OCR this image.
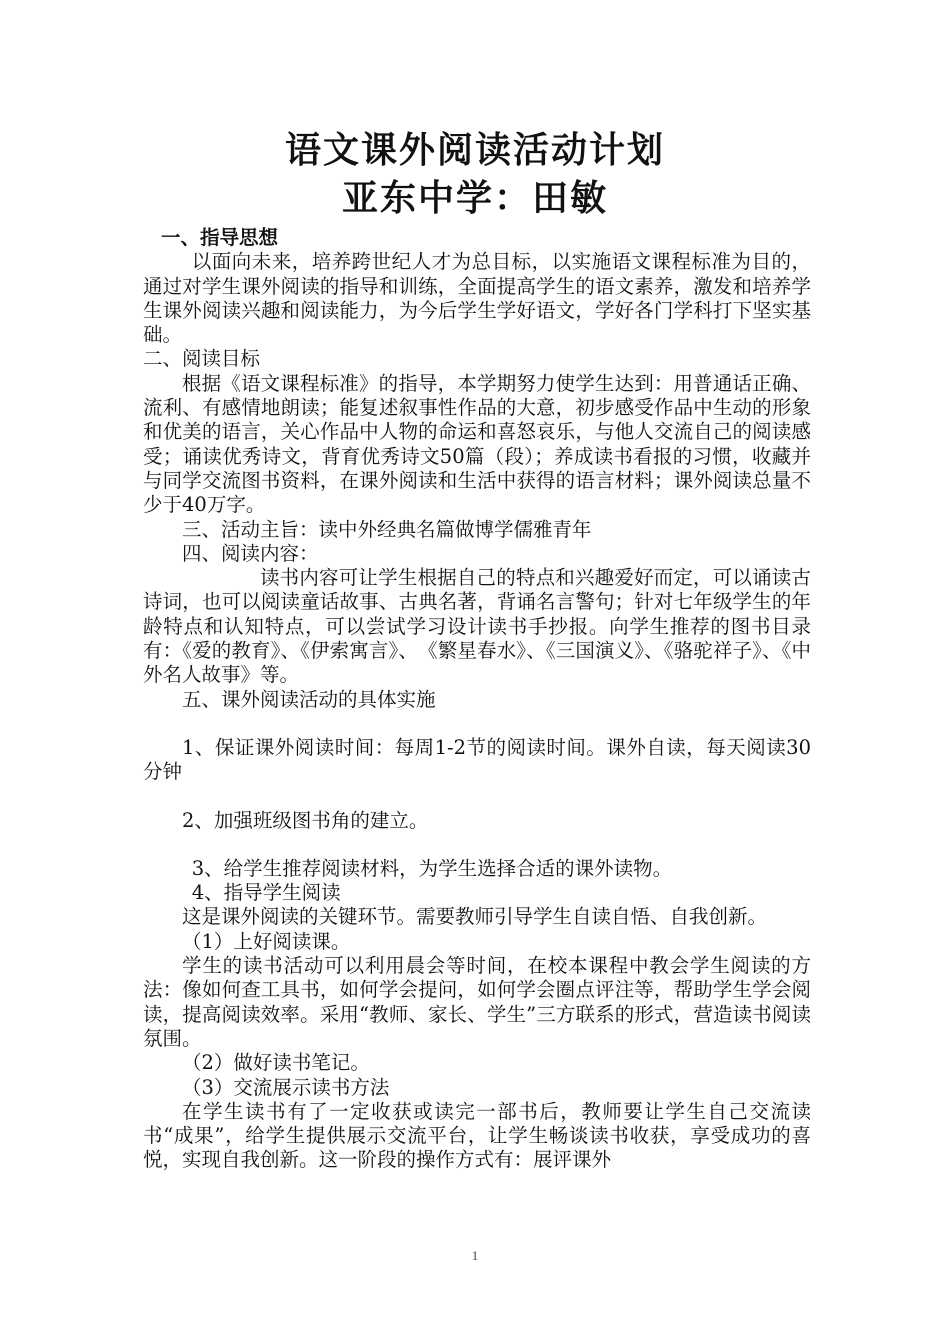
语文课外阅读活动计划
亚东中学：田敏

一、指导思想

以面向未来，培养跨世纪人才为总目标，以实施语文课程标准为目的，通过对学生课外阅读的指导和训练，全面提高学生的语文素养，激发和培养学生课外阅读兴趣和阅读能力，为今后学生学好语文，学好各门学科打下坚实基础。

二、阅读目标

根据《语文课程标准》的指导，本学期努力使学生达到：用普通话正确、流利、有感情地朗读；能复述叙事性作品的大意，初步感受作品中生动的形象和优美的语言，关心作品中人物的命运和喜怒哀乐，与他人交流自己的阅读感受；诵读优秀诗文，背育优秀诗文50篇（段）；养成读书看报的习惯，收藏并与同学交流图书资料，在课外阅读和生活中获得的语言材料；课外阅读总量不少于40万字。

三、活动主旨：读中外经典名篇做博学儒雅青年

四、阅读内容：

读书内容可让学生根据自己的特点和兴趣爱好而定，可以诵读古诗词，也可以阅读童话故事、古典名著，背诵名言警句；针对七年级学生的年龄特点和认知特点，可以尝试学习设计读书手抄报。向学生推荐的图书目录有：《爱的教育》、《伊索寓言》、　《繁星春水》、《三国演义》、《骆驼祥子》、《中外名人故事》等。

五、课外阅读活动的具体实施

1、保证课外阅读时间：每周1-2节的阅读时间。课外自读，每天阅读30分钟

2、加强班级图书角的建立。

3、给学生推荐阅读材料，为学生选择合适的课外读物。

4、指导学生阅读

这是课外阅读的关键环节。需要教师引导学生自读自悟、自我创新。

（1）上好阅读课。

学生的读书活动可以利用晨会等时间，在校本课程中教会学生阅读的方法：像如何查工具书，如何学会提问，如何学会圈点评注等，帮助学生学会阅读，提高阅读效率。采用“教师、家长、学生”三方联系的形式，营造读书阅读氛围。

（2）做好读书笔记。

（3）交流展示读书方法

在学生读书有了一定收获或读完一部书后，教师要让学生自己交流读书“成果”，给学生提供展示交流平台，让学生畅谈读书收获，享受成功的喜悦，实现自我创新。这一阶段的操作方式有：展评课外

1
